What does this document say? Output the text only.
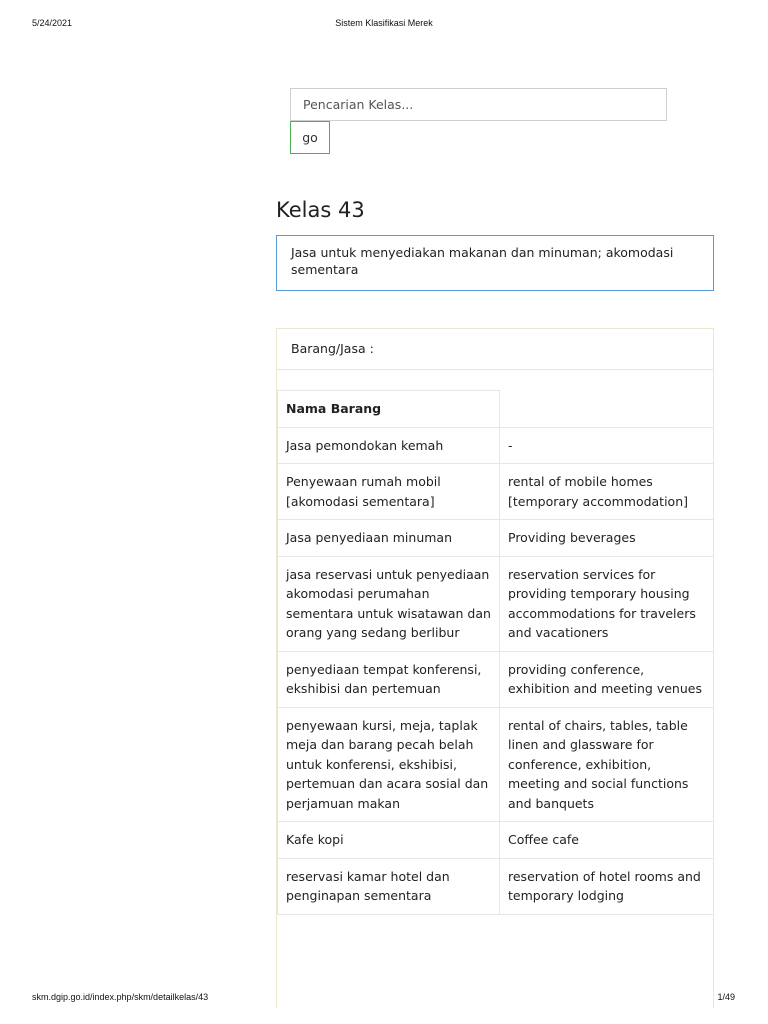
5/24/2021	Sistem Klasifikasi Merek
Pencarian Kelas...
go
Kelas 43
Jasa untuk menyediakan makanan dan minuman; akomodasi sementara
Barang/Jasa :
Nama Barang	
Jasa pemondokan kemah	-
Penyewaan rumah mobil [akomodasi sementara]	rental of mobile homes [temporary accommodation]
Jasa penyediaan minuman	Providing beverages
jasa reservasi untuk penyediaan akomodasi perumahan sementara untuk wisatawan dan orang yang sedang berlibur	reservation services for providing temporary housing accommodations for travelers and vacationers
penyediaan tempat konferensi, ekshibisi dan pertemuan	providing conference, exhibition and meeting venues
penyewaan kursi, meja, taplak meja dan barang pecah belah untuk konferensi, ekshibisi, pertemuan dan acara sosial dan perjamuan makan	rental of chairs, tables, table linen and glassware for conference, exhibition, meeting and social functions and banquets
Kafe kopi	Coffee cafe
reservasi kamar hotel dan penginapan sementara	reservation of hotel rooms and temporary lodging
skm.dgip.go.id/index.php/skm/detailkelas/43	1/49
